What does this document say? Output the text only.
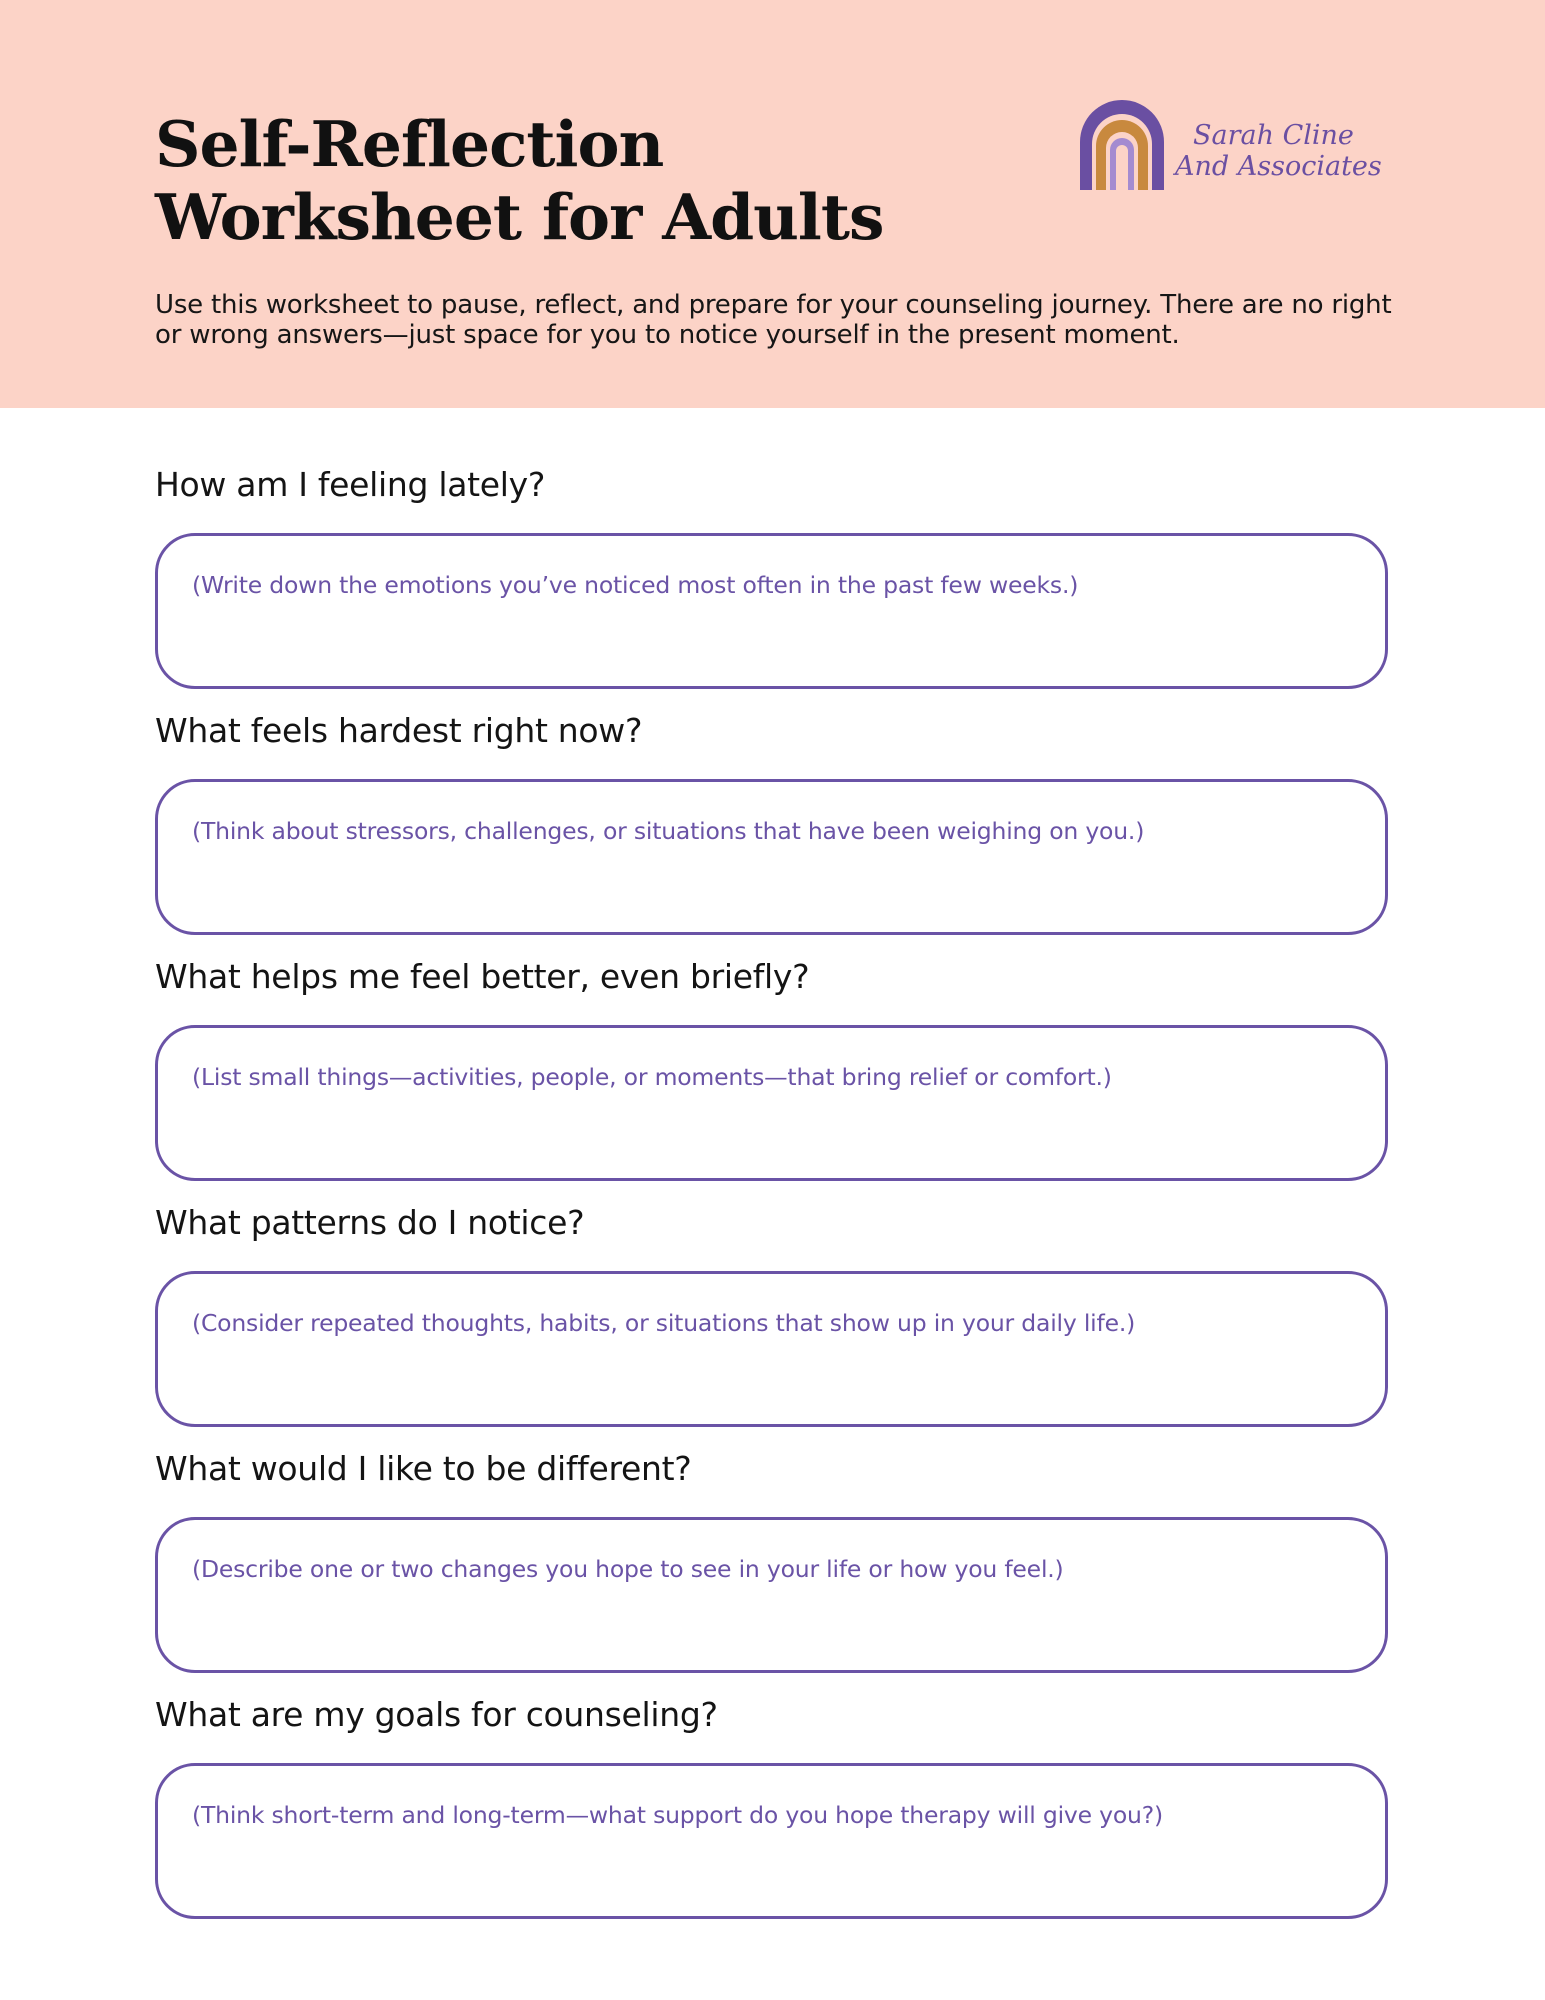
Self-Reflection
Worksheet for Adults
Sarah Cline
And Associates

Use this worksheet to pause, reflect, and prepare for your counseling journey. There are no right or wrong answers—just space for you to notice yourself in the present moment.

How am I feeling lately?
(Write down the emotions you’ve noticed most often in the past few weeks.)
What feels hardest right now?
(Think about stressors, challenges, or situations that have been weighing on you.)
What helps me feel better, even briefly?
(List small things—activities, people, or moments—that bring relief or comfort.)
What patterns do I notice?
(Consider repeated thoughts, habits, or situations that show up in your daily life.)
What would I like to be different?
(Describe one or two changes you hope to see in your life or how you feel.)
What are my goals for counseling?
(Think short-term and long-term—what support do you hope therapy will give you?)
